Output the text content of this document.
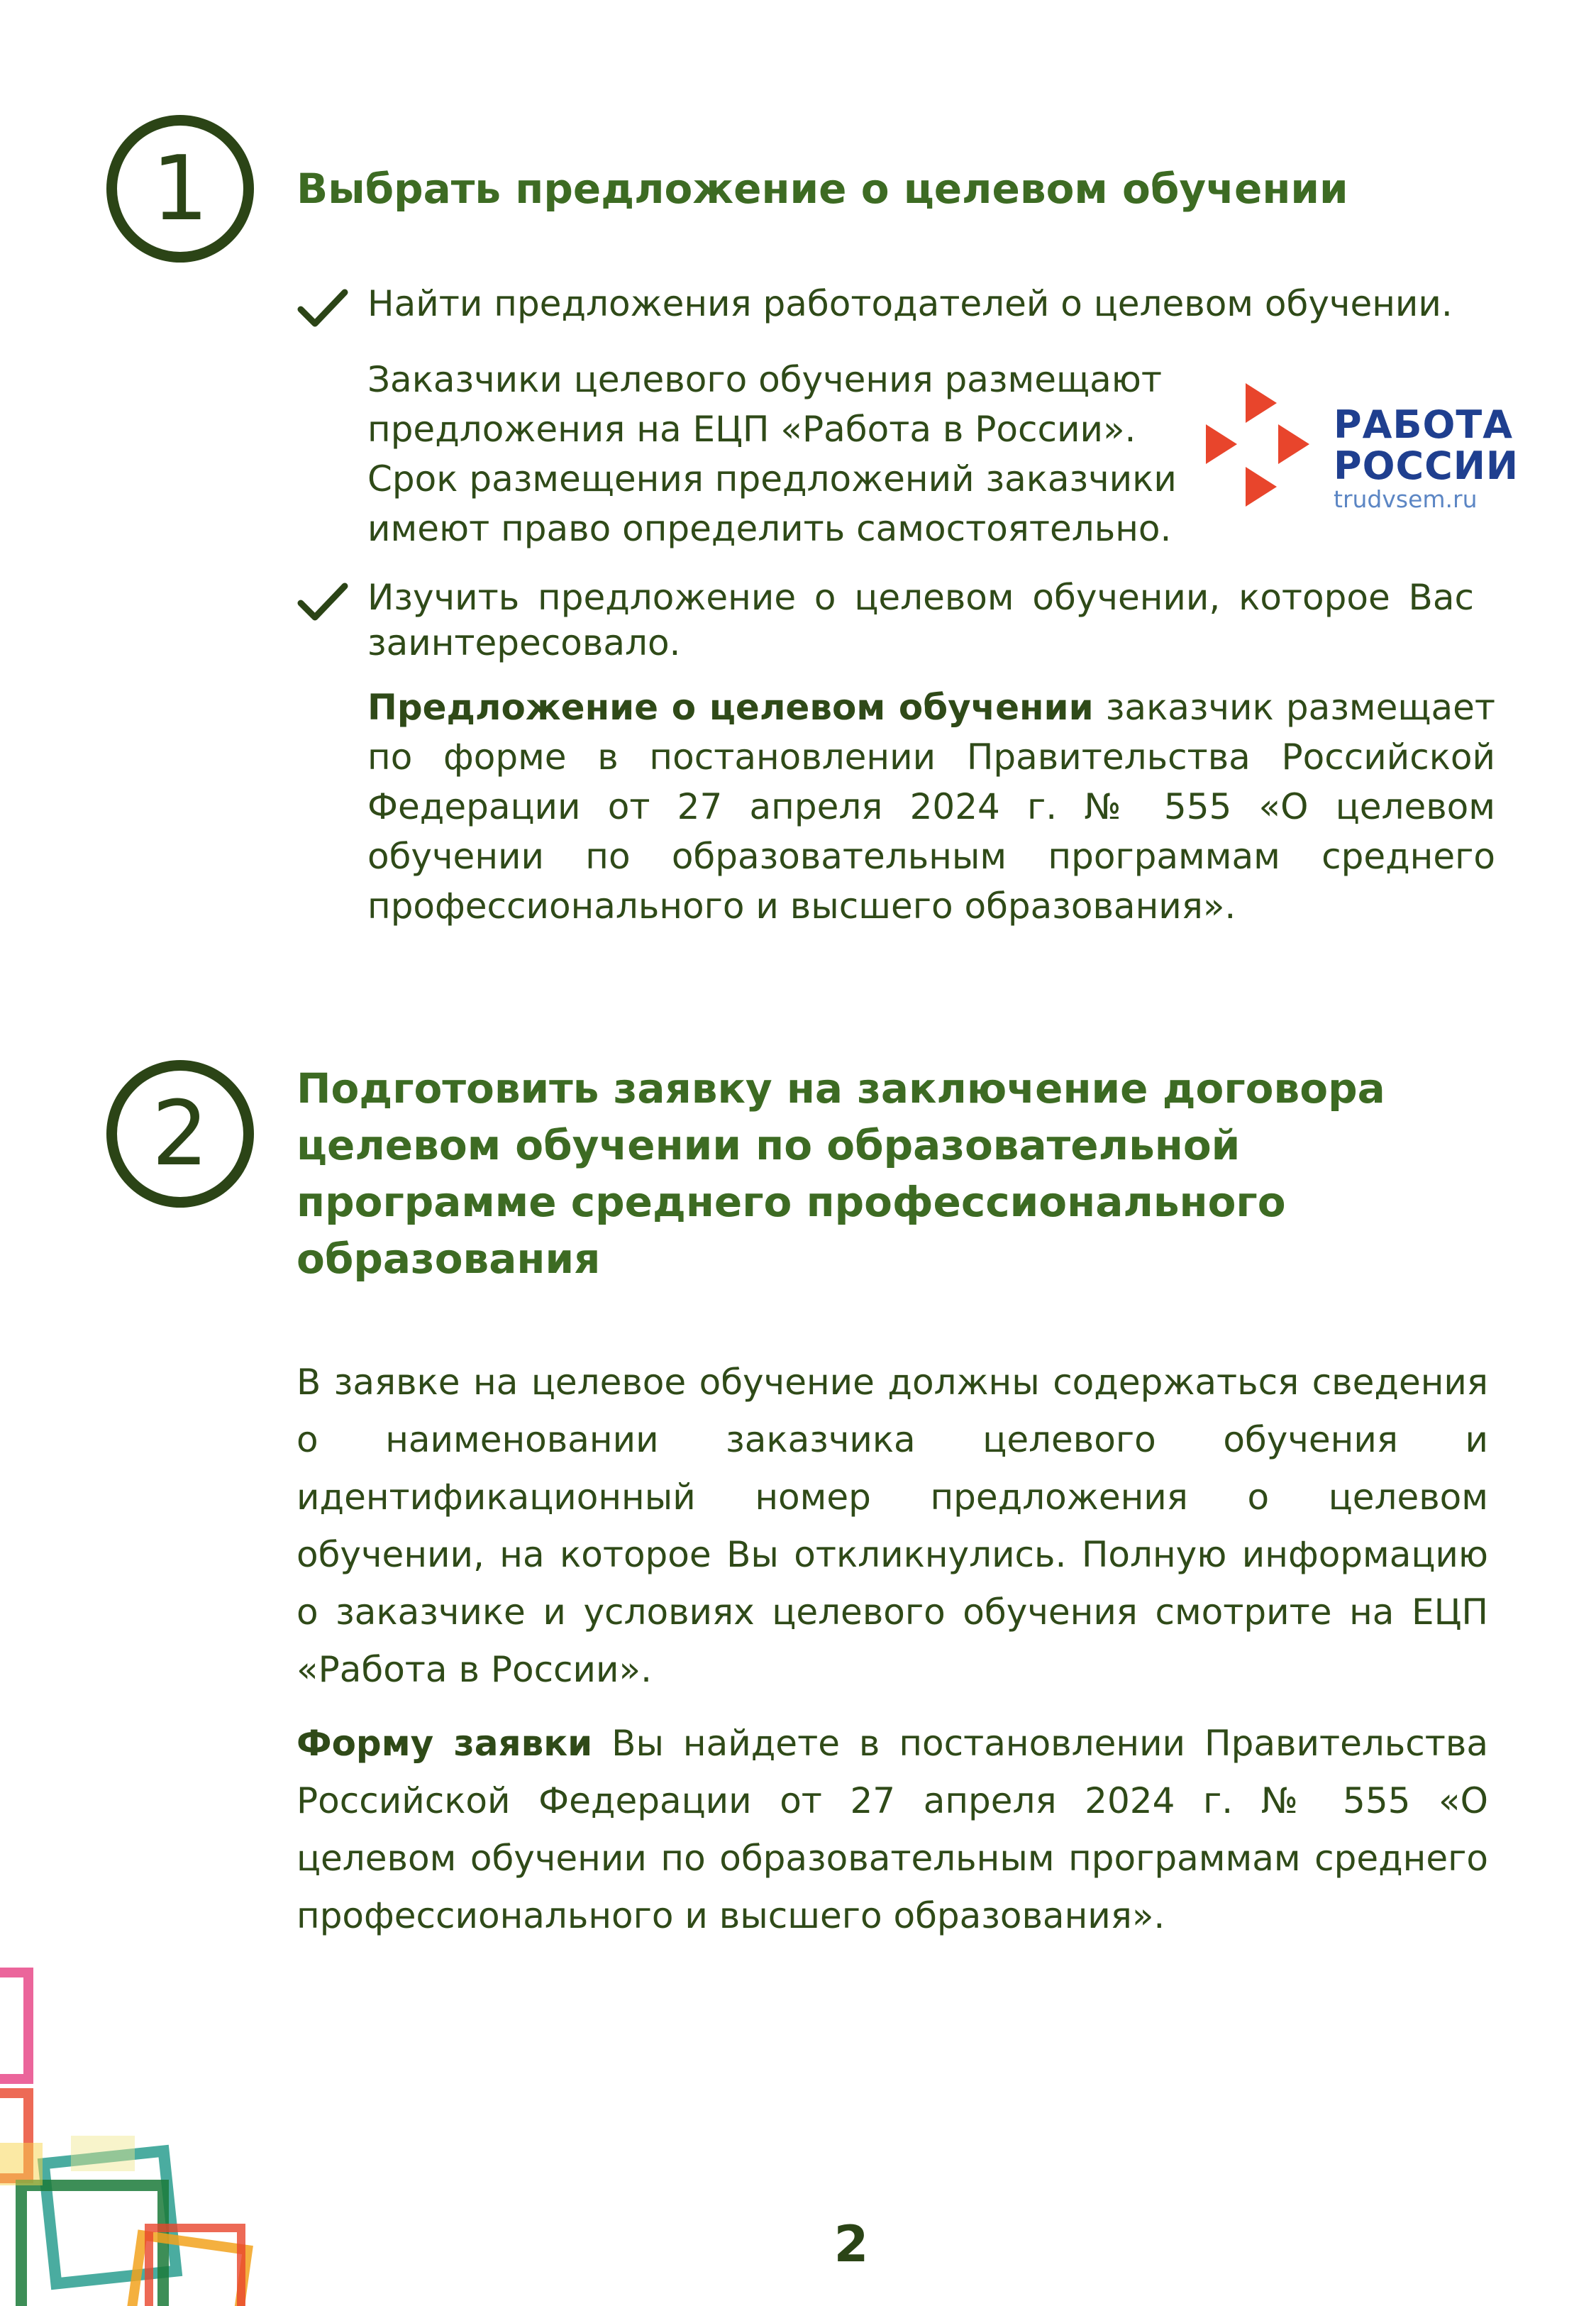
1	Выбрать предложение о целевом обучении

Найти предложения работодателей о целевом обучении.

Заказчики целевого обучения размещают предложения на ЕЦП «Работа в России». Срок размещения предложений заказчики имеют право определить самостоятельно.

РАБОТА
РОССИИ
trudvsem.ru

Изучить предложение о целевом обучении, которое Вас заинтересовало.

Предложение о целевом обучении заказчик размещает по форме в постановлении Правительства Российской Федерации от 27 апреля 2024 г. № 555 «О целевом обучении по образовательным программам среднего профессионального и высшего образования».

2	Подготовить заявку на заключение договора целевом обучении по образовательной программе среднего профессионального образования

В заявке на целевое обучение должны содержаться сведения о наименовании заказчика целевого обучения и идентификационный номер предложения о целевом обучении, на которое Вы откликнулись. Полную информацию о заказчике и условиях целевого обучения смотрите на ЕЦП «Работа в России».

Форму заявки Вы найдете в постановлении Правительства Российской Федерации от 27 апреля 2024 г. № 555 «О целевом обучении по образовательным программам среднего профессионального и высшего образования».

2
